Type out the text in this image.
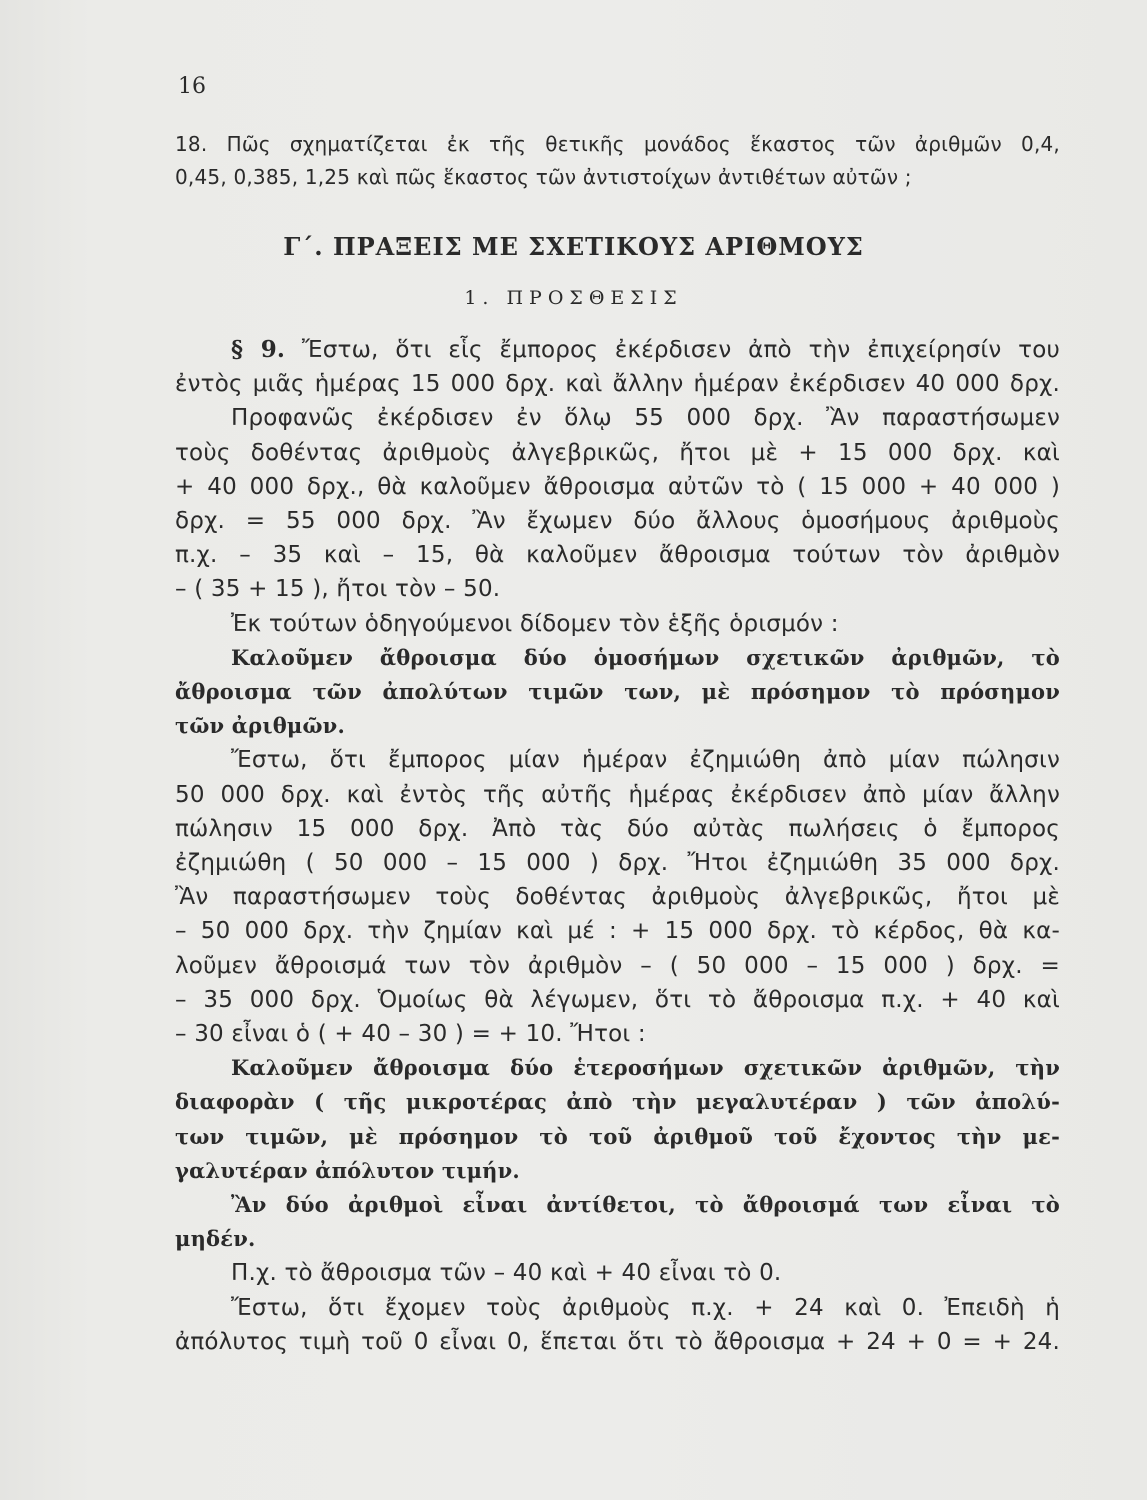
16
18. Πῶς σχηματίζεται ἐκ τῆς θετικῆς μονάδος ἕκαστος τῶν ἀριθμῶν 0,4,
0,45, 0,385, 1,25 καὶ πῶς ἕκαστος τῶν ἀντιστοίχων ἀντιθέτων αὐτῶν ;
Γ΄. ΠΡΑΞΕΙΣ ΜΕ ΣΧΕΤΙΚΟΥΣ ΑΡΙΘΜΟΥΣ
1. ΠΡΟΣΘΕΣΙΣ
§ 9. Ἔστω, ὅτι εἷς ἔμπορος ἐκέρδισεν ἀπὸ τὴν ἐπιχείρησίν του
ἐντὸς μιᾶς ἡμέρας 15 000 δρχ. καὶ ἄλλην ἡμέραν ἐκέρδισεν 40 000 δρχ.
Προφανῶς ἐκέρδισεν ἐν ὅλῳ 55 000 δρχ. Ἂν παραστήσωμεν
τοὺς δοθέντας ἀριθμοὺς ἀλγεβρικῶς, ἤτοι μὲ + 15 000 δρχ. καὶ
+ 40 000 δρχ., θὰ καλοῦμεν ἄθροισμα αὐτῶν τὸ ( 15 000 + 40 000 )
δρχ. = 55 000 δρχ. Ἂν ἔχωμεν δύο ἄλλους ὁμοσήμους ἀριθμοὺς
π.χ. – 35 καὶ – 15, θὰ καλοῦμεν ἄθροισμα τούτων τὸν ἀριθμὸν
– ( 35 + 15 ), ἤτοι τὸν – 50.
Ἐκ τούτων ὁδηγούμενοι δίδομεν τὸν ἑξῆς ὁρισμόν :
Καλοῦμεν ἄθροισμα δύο ὁμοσήμων σχετικῶν ἀριθμῶν, τὸ
ἄθροισμα τῶν ἀπολύτων τιμῶν των, μὲ πρόσημον τὸ πρόσημον
τῶν ἀριθμῶν.
Ἔστω, ὅτι ἔμπορος μίαν ἡμέραν ἐζημιώθη ἀπὸ μίαν πώλησιν
50 000 δρχ. καὶ ἐντὸς τῆς αὐτῆς ἡμέρας ἐκέρδισεν ἀπὸ μίαν ἄλλην
πώλησιν 15 000 δρχ. Ἀπὸ τὰς δύο αὐτὰς πωλήσεις ὁ ἔμπορος
ἐζημιώθη ( 50 000 – 15 000 ) δρχ. Ἤτοι ἐζημιώθη 35 000 δρχ.
Ἂν παραστήσωμεν τοὺς δοθέντας ἀριθμοὺς ἀλγεβρικῶς, ἤτοι μὲ
– 50 000 δρχ. τὴν ζημίαν καὶ μέ : + 15 000 δρχ. τὸ κέρδος, θὰ κα-
λοῦμεν ἄθροισμά των τὸν ἀριθμὸν – ( 50 000 – 15 000 ) δρχ. =
– 35 000 δρχ. Ὁμοίως θὰ λέγωμεν, ὅτι τὸ ἄθροισμα π.χ. + 40 καὶ
– 30 εἶναι ὁ ( + 40 – 30 ) = + 10. Ἤτοι :
Καλοῦμεν ἄθροισμα δύο ἑτεροσήμων σχετικῶν ἀριθμῶν, τὴν
διαφορὰν ( τῆς μικροτέρας ἀπὸ τὴν μεγαλυτέραν ) τῶν ἀπολύ-
των τιμῶν, μὲ πρόσημον τὸ τοῦ ἀριθμοῦ τοῦ ἔχοντος τὴν με-
γαλυτέραν ἀπόλυτον τιμήν.
Ἂν δύο ἀριθμοὶ εἶναι ἀντίθετοι, τὸ ἄθροισμά των εἶναι τὸ
μηδέν.
Π.χ. τὸ ἄθροισμα τῶν – 40 καὶ + 40 εἶναι τὸ 0.
Ἔστω, ὅτι ἔχομεν τοὺς ἀριθμοὺς π.χ. + 24 καὶ 0. Ἐπειδὴ ἡ
ἀπόλυτος τιμὴ τοῦ 0 εἶναι 0, ἕπεται ὅτι τὸ ἄθροισμα + 24 + 0 = + 24.
